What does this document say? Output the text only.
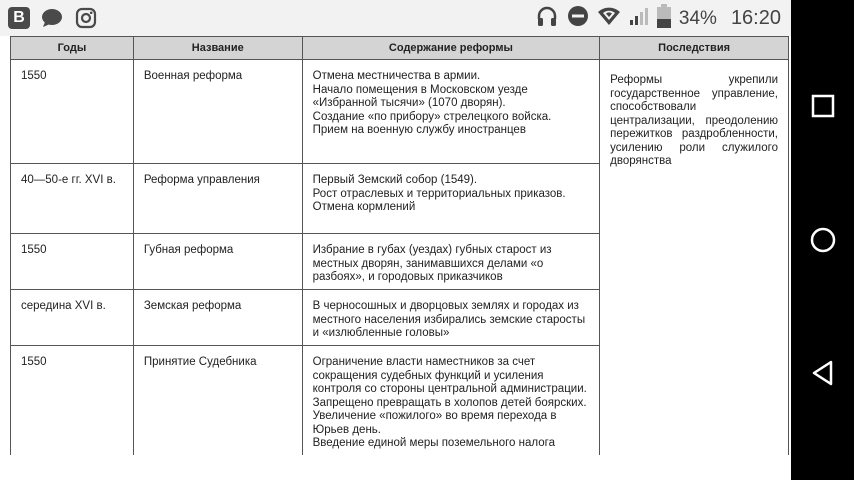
B	34% 16:20
Годы	Название	Содержание реформы	Последствия
1550	Военная реформа	Отмена местничества в армии.

Начало помещения в Московском уезде «Избранной тысячи» (1070 дворян).

Создание «по прибору» стрелецкого войска.

Прием на военную службу иностранцев	Реформы укрепили государственное управление, способствовали централизации, преодолению пережитков раздробленности, усилению роли служилого дворянства
40—50-е гг. XVI в.	Реформа управления	Первый Земский собор (1549).

Рост отраслевых и территориальных приказов.

Отмена кормлений	

1550	Губная реформа	Избрание в губах (уездах) губных старост из местных дворян, занимавшихся делами «о разбоях», и городовых приказчиков	

середина XVI в.	Земская реформа	В черносошных и дворцовых землях и городах из местного населения избирались земские старосты и «излюбленные головы»	

1550	Принятие Судебника	Ограничение власти наместников за счет сокращения судебных функций и усиления контроля со стороны центральной администрации.

Запрещено превращать в холопов детей боярских.

Увеличение «пожилого» во время перехода в Юрьев день.

Введение единой меры поземельного налога	
